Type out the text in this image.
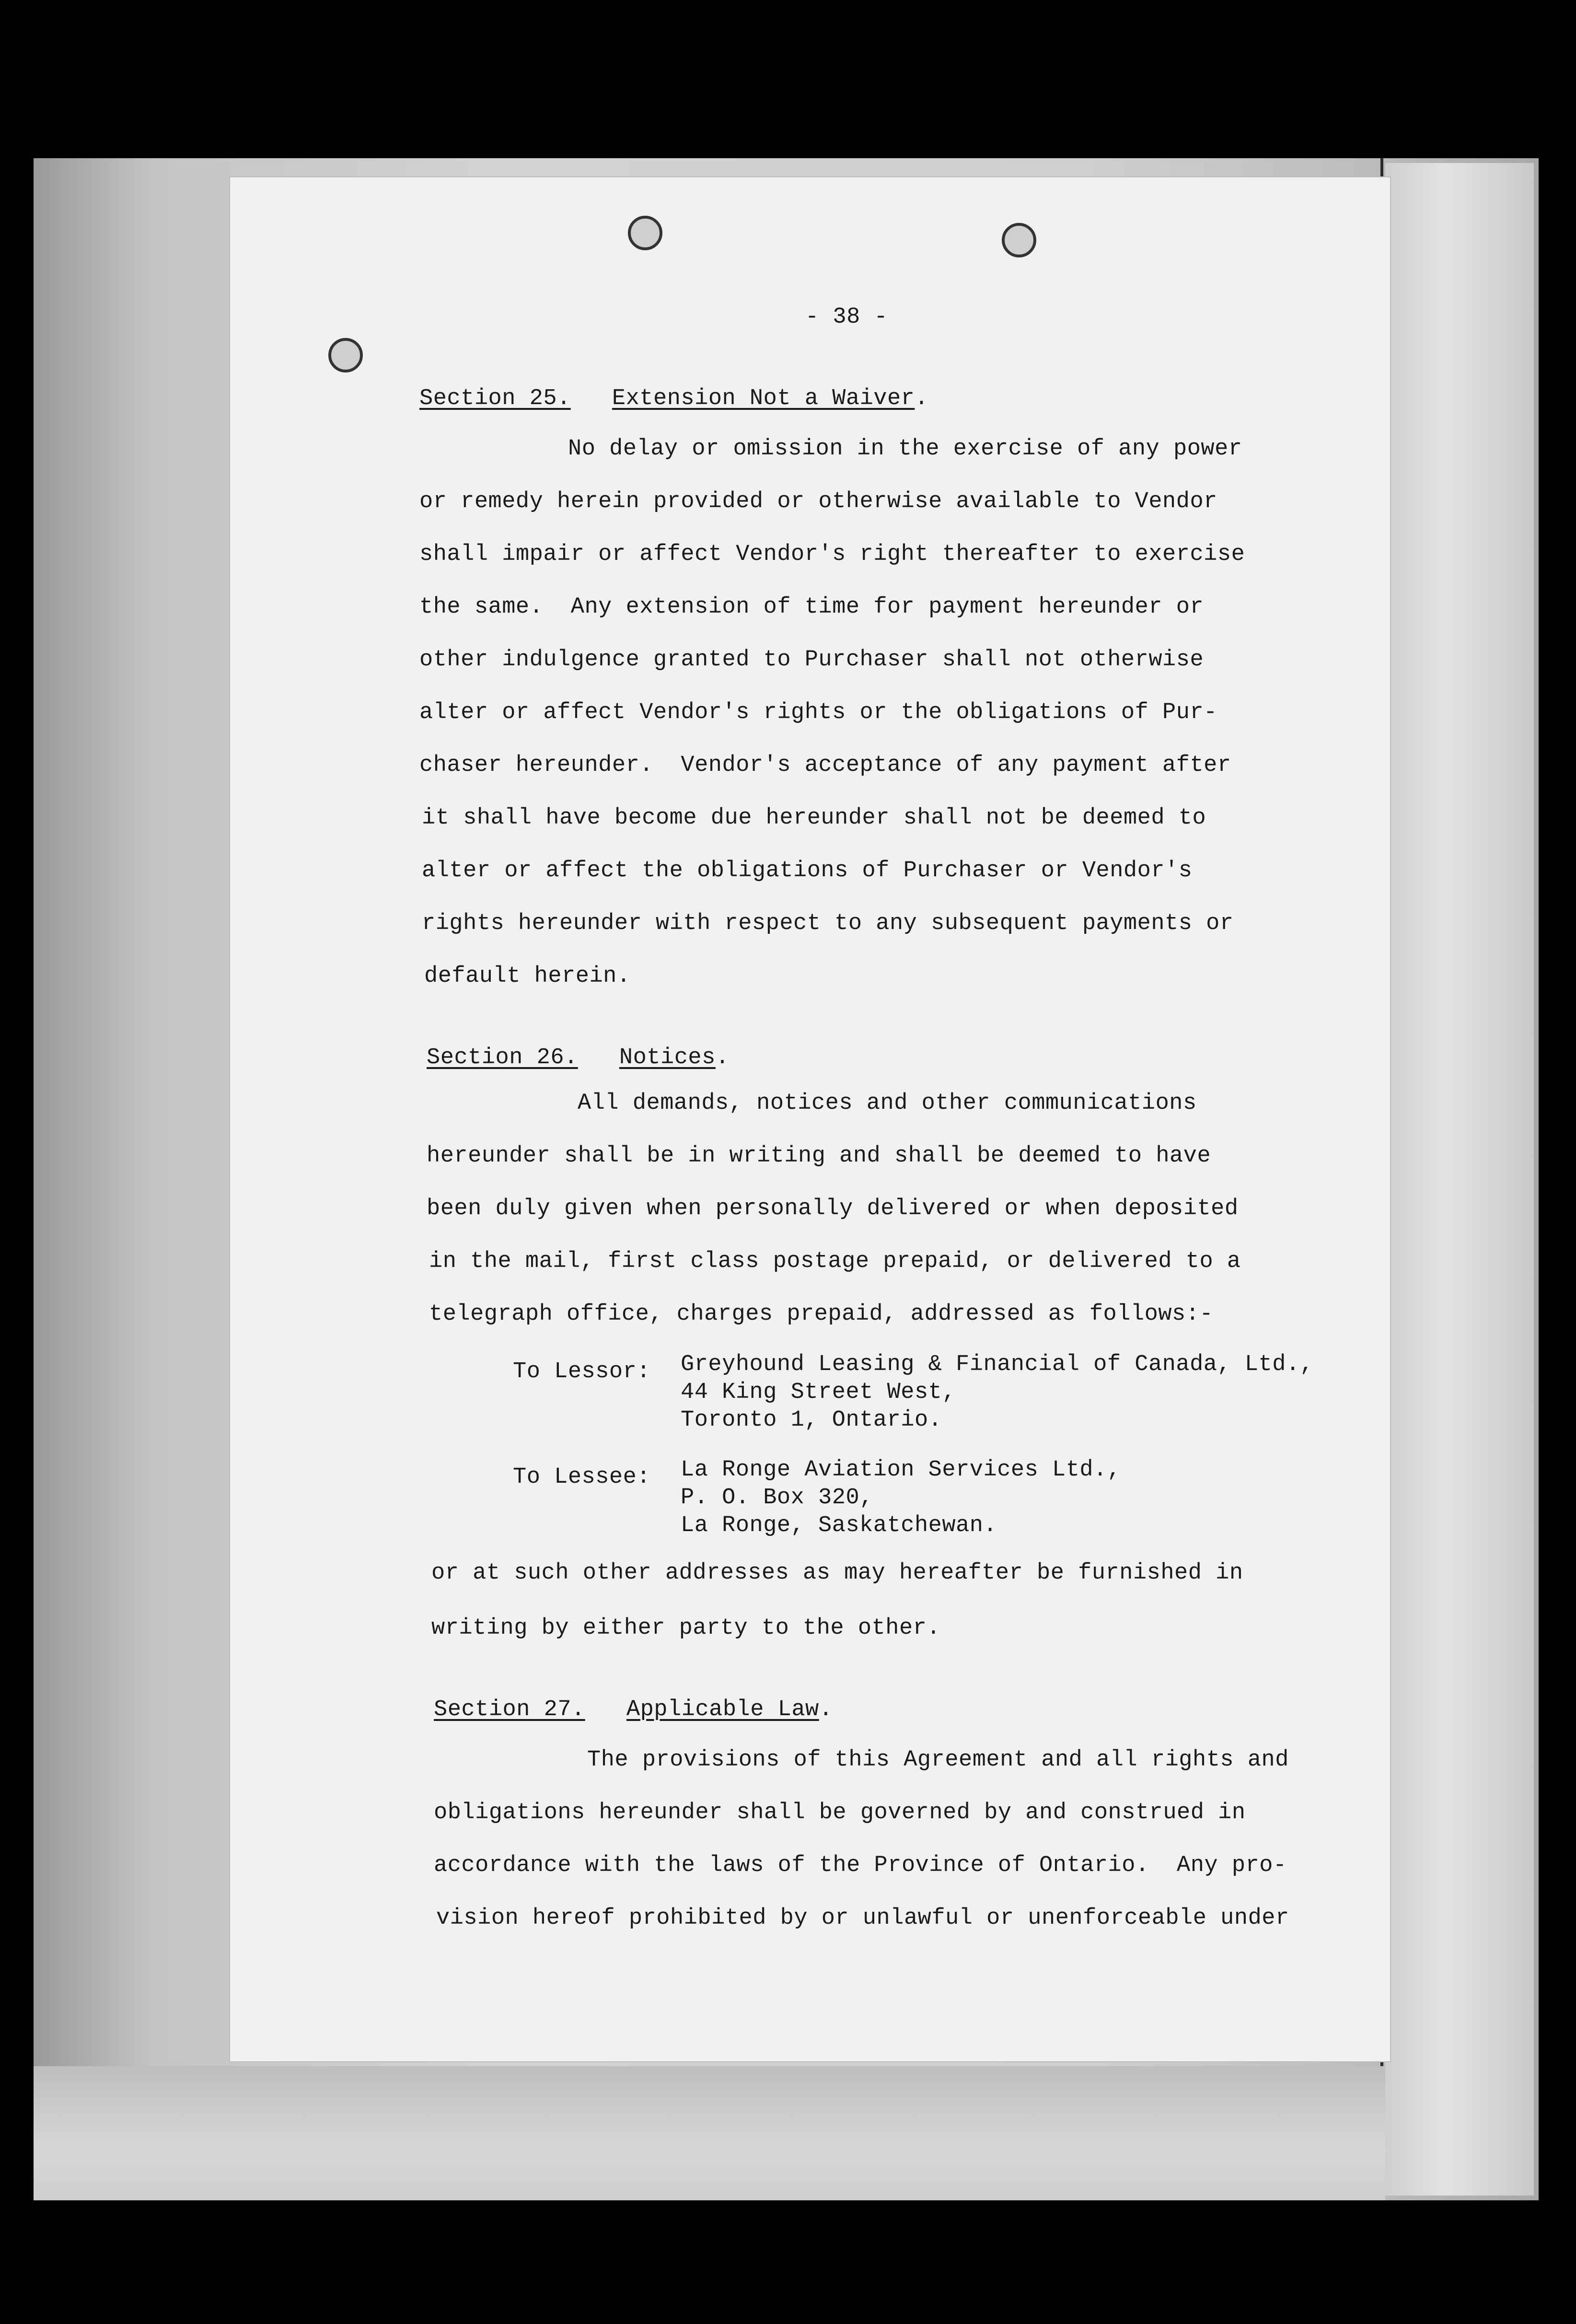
- 38 -
Section 25. Extension Not a Waiver.
No delay or omission in the exercise of any power
or remedy herein provided or otherwise available to Vendor
shall impair or affect Vendor's right thereafter to exercise
the same.  Any extension of time for payment hereunder or
other indulgence granted to Purchaser shall not otherwise
alter or affect Vendor's rights or the obligations of Pur-
chaser hereunder.  Vendor's acceptance of any payment after
it shall have become due hereunder shall not be deemed to
alter or affect the obligations of Purchaser or Vendor's
rights hereunder with respect to any subsequent payments or
default herein.
Section 26. Notices.
All demands, notices and other communications
hereunder shall be in writing and shall be deemed to have
been duly given when personally delivered or when deposited
in the mail, first class postage prepaid, or delivered to a
telegraph office, charges prepaid, addressed as follows:-
To Lessor: Greyhound Leasing & Financial of Canada, Ltd.,
44 King Street West,
Toronto 1, Ontario.
To Lessee: La Ronge Aviation Services Ltd.,
P. O. Box 320,
La Ronge, Saskatchewan.
or at such other addresses as may hereafter be furnished in
writing by either party to the other.
Section 27. Applicable Law.
The provisions of this Agreement and all rights and
obligations hereunder shall be governed by and construed in
accordance with the laws of the Province of Ontario.  Any pro-
vision hereof prohibited by or unlawful or unenforceable under
